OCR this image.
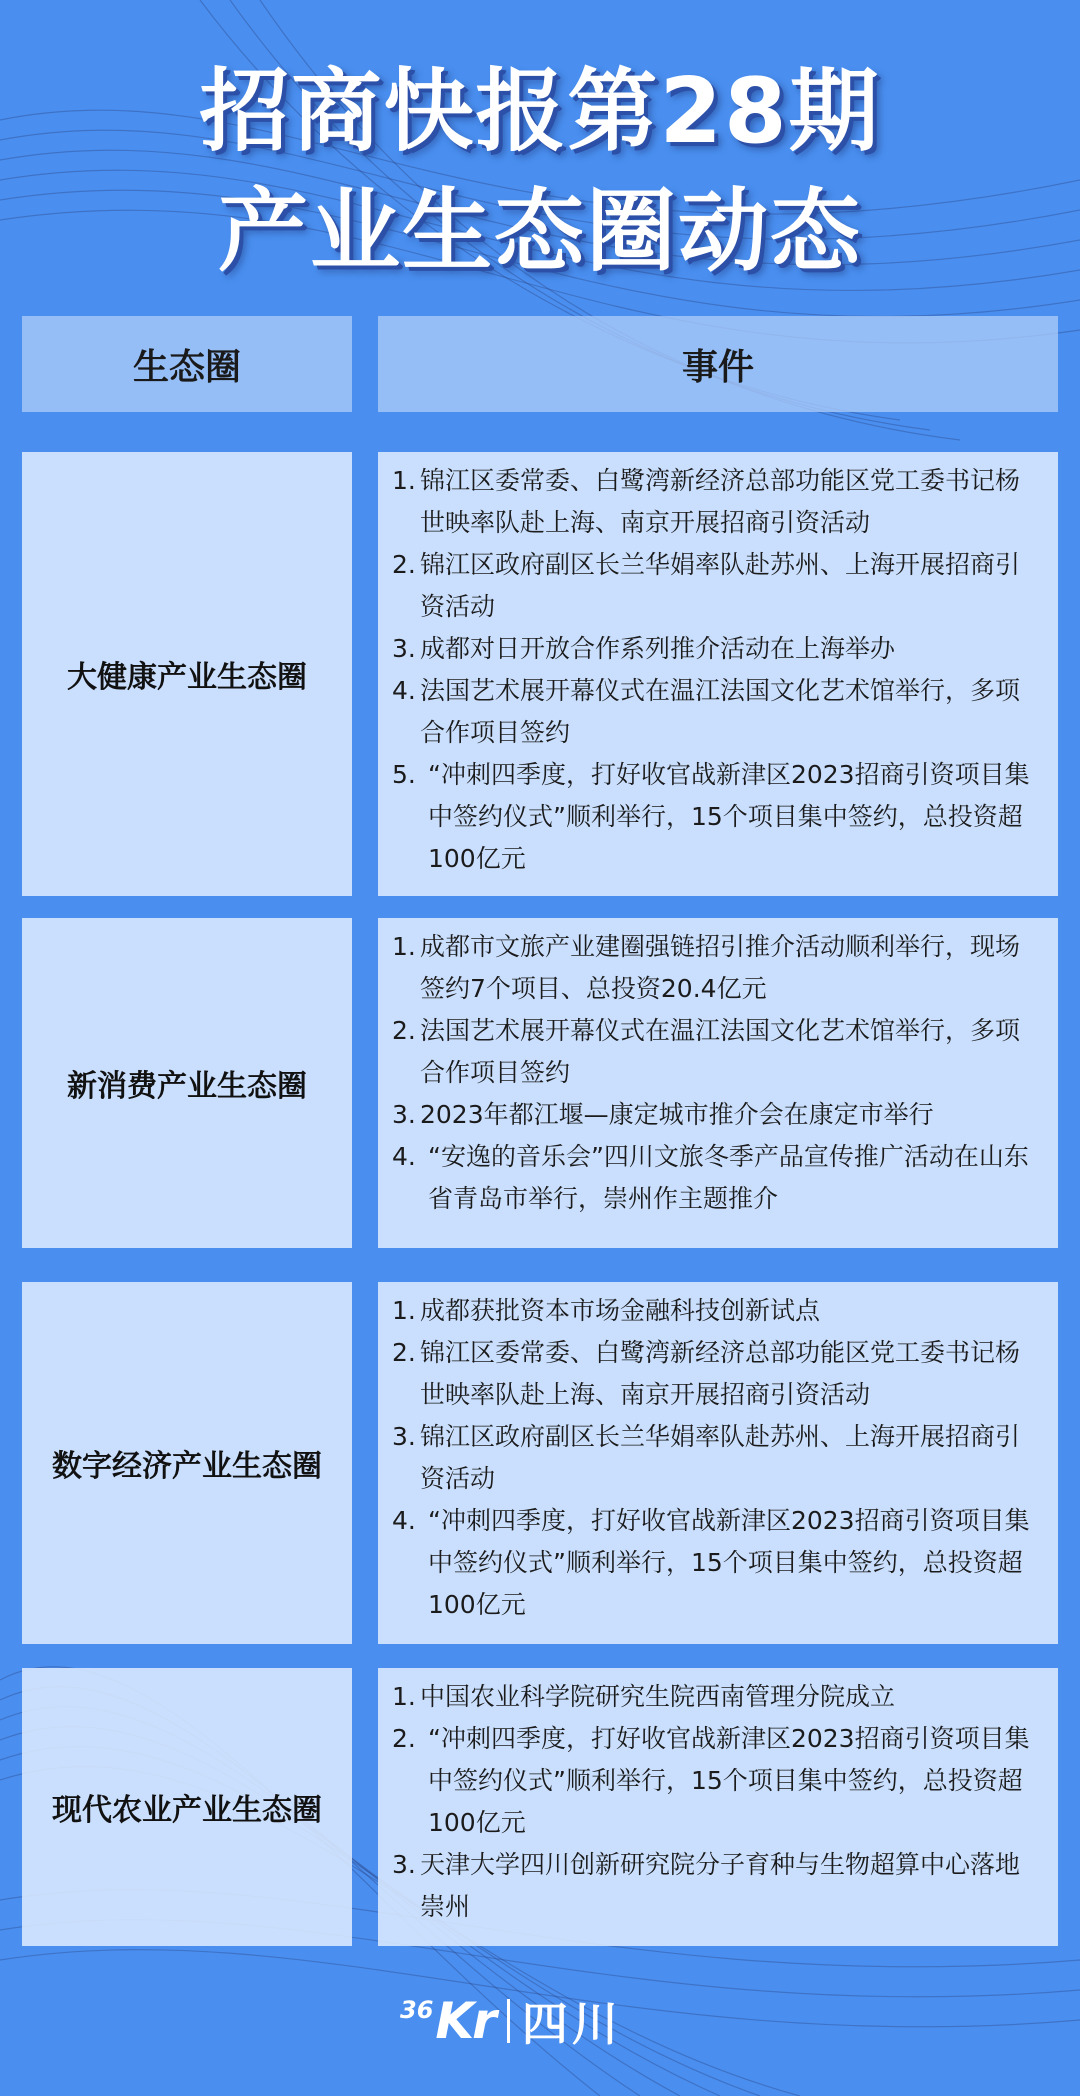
招商快报第28期
产业生态圈动态
生态圈	事件
大健康产业生态圈
1. 锦江区委常委、白鹭湾新经济总部功能区党工委书记杨世映率队赴上海、南京开展招商引资活动
2. 锦江区政府副区长兰华娟率队赴苏州、上海开展招商引资活动
3. 成都对日开放合作系列推介活动在上海举办
4. 法国艺术展开幕仪式在温江法国文化艺术馆举行，多项合作项目签约
5. “冲刺四季度，打好收官战新津区2023招商引资项目集中签约仪式”顺利举行，15个项目集中签约，总投资超100亿元
新消费产业生态圈
1. 成都市文旅产业建圈强链招引推介活动顺利举行，现场签约7个项目、总投资20.4亿元
2. 法国艺术展开幕仪式在温江法国文化艺术馆举行，多项合作项目签约
3. 2023年都江堰—康定城市推介会在康定市举行
4. “安逸的音乐会”四川文旅冬季产品宣传推广活动在山东省青岛市举行，崇州作主题推介
数字经济产业生态圈
1. 成都获批资本市场金融科技创新试点
2. 锦江区委常委、白鹭湾新经济总部功能区党工委书记杨世映率队赴上海、南京开展招商引资活动
3. 锦江区政府副区长兰华娟率队赴苏州、上海开展招商引资活动
4. “冲刺四季度，打好收官战新津区2023招商引资项目集中签约仪式”顺利举行，15个项目集中签约，总投资超100亿元
现代农业产业生态圈
1. 中国农业科学院研究生院西南管理分院成立
2. “冲刺四季度，打好收官战新津区2023招商引资项目集中签约仪式”顺利举行，15个项目集中签约，总投资超100亿元
3. 天津大学四川创新研究院分子育种与生物超算中心落地崇州
36 Kr 四川
